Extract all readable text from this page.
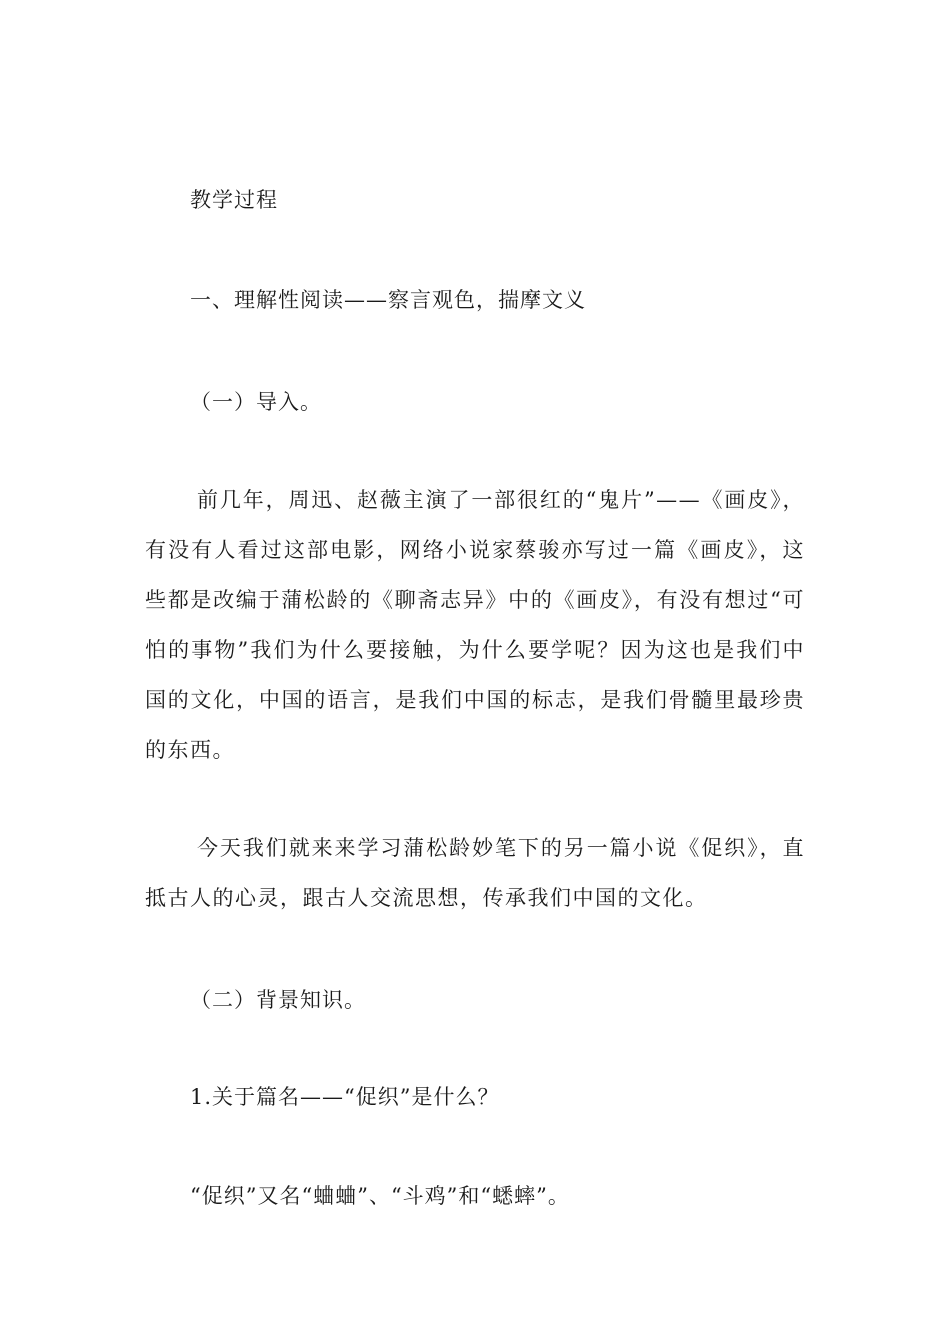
教学过程
一、理解性阅读——察言观色，揣摩文义
（一）导入。
前几年，周迅、赵薇主演了一部很红的“鬼片”——《画皮》，有没有人看过这部电影，网络小说家蔡骏亦写过一篇《画皮》，这些都是改编于蒲松龄的《聊斋志异》中的《画皮》，有没有想过“可怕的事物”我们为什么要接触，为什么要学呢？因为这也是我们中国的文化，中国的语言，是我们中国的标志，是我们骨髓里最珍贵的东西。
今天我们就来来学习蒲松龄妙笔下的另一篇小说《促织》，直抵古人的心灵，跟古人交流思想，传承我们中国的文化。
（二）背景知识。
1.关于篇名——“促织”是什么？
“促织”又名“蛐蛐”、“斗鸡”和“蟋蟀”。
